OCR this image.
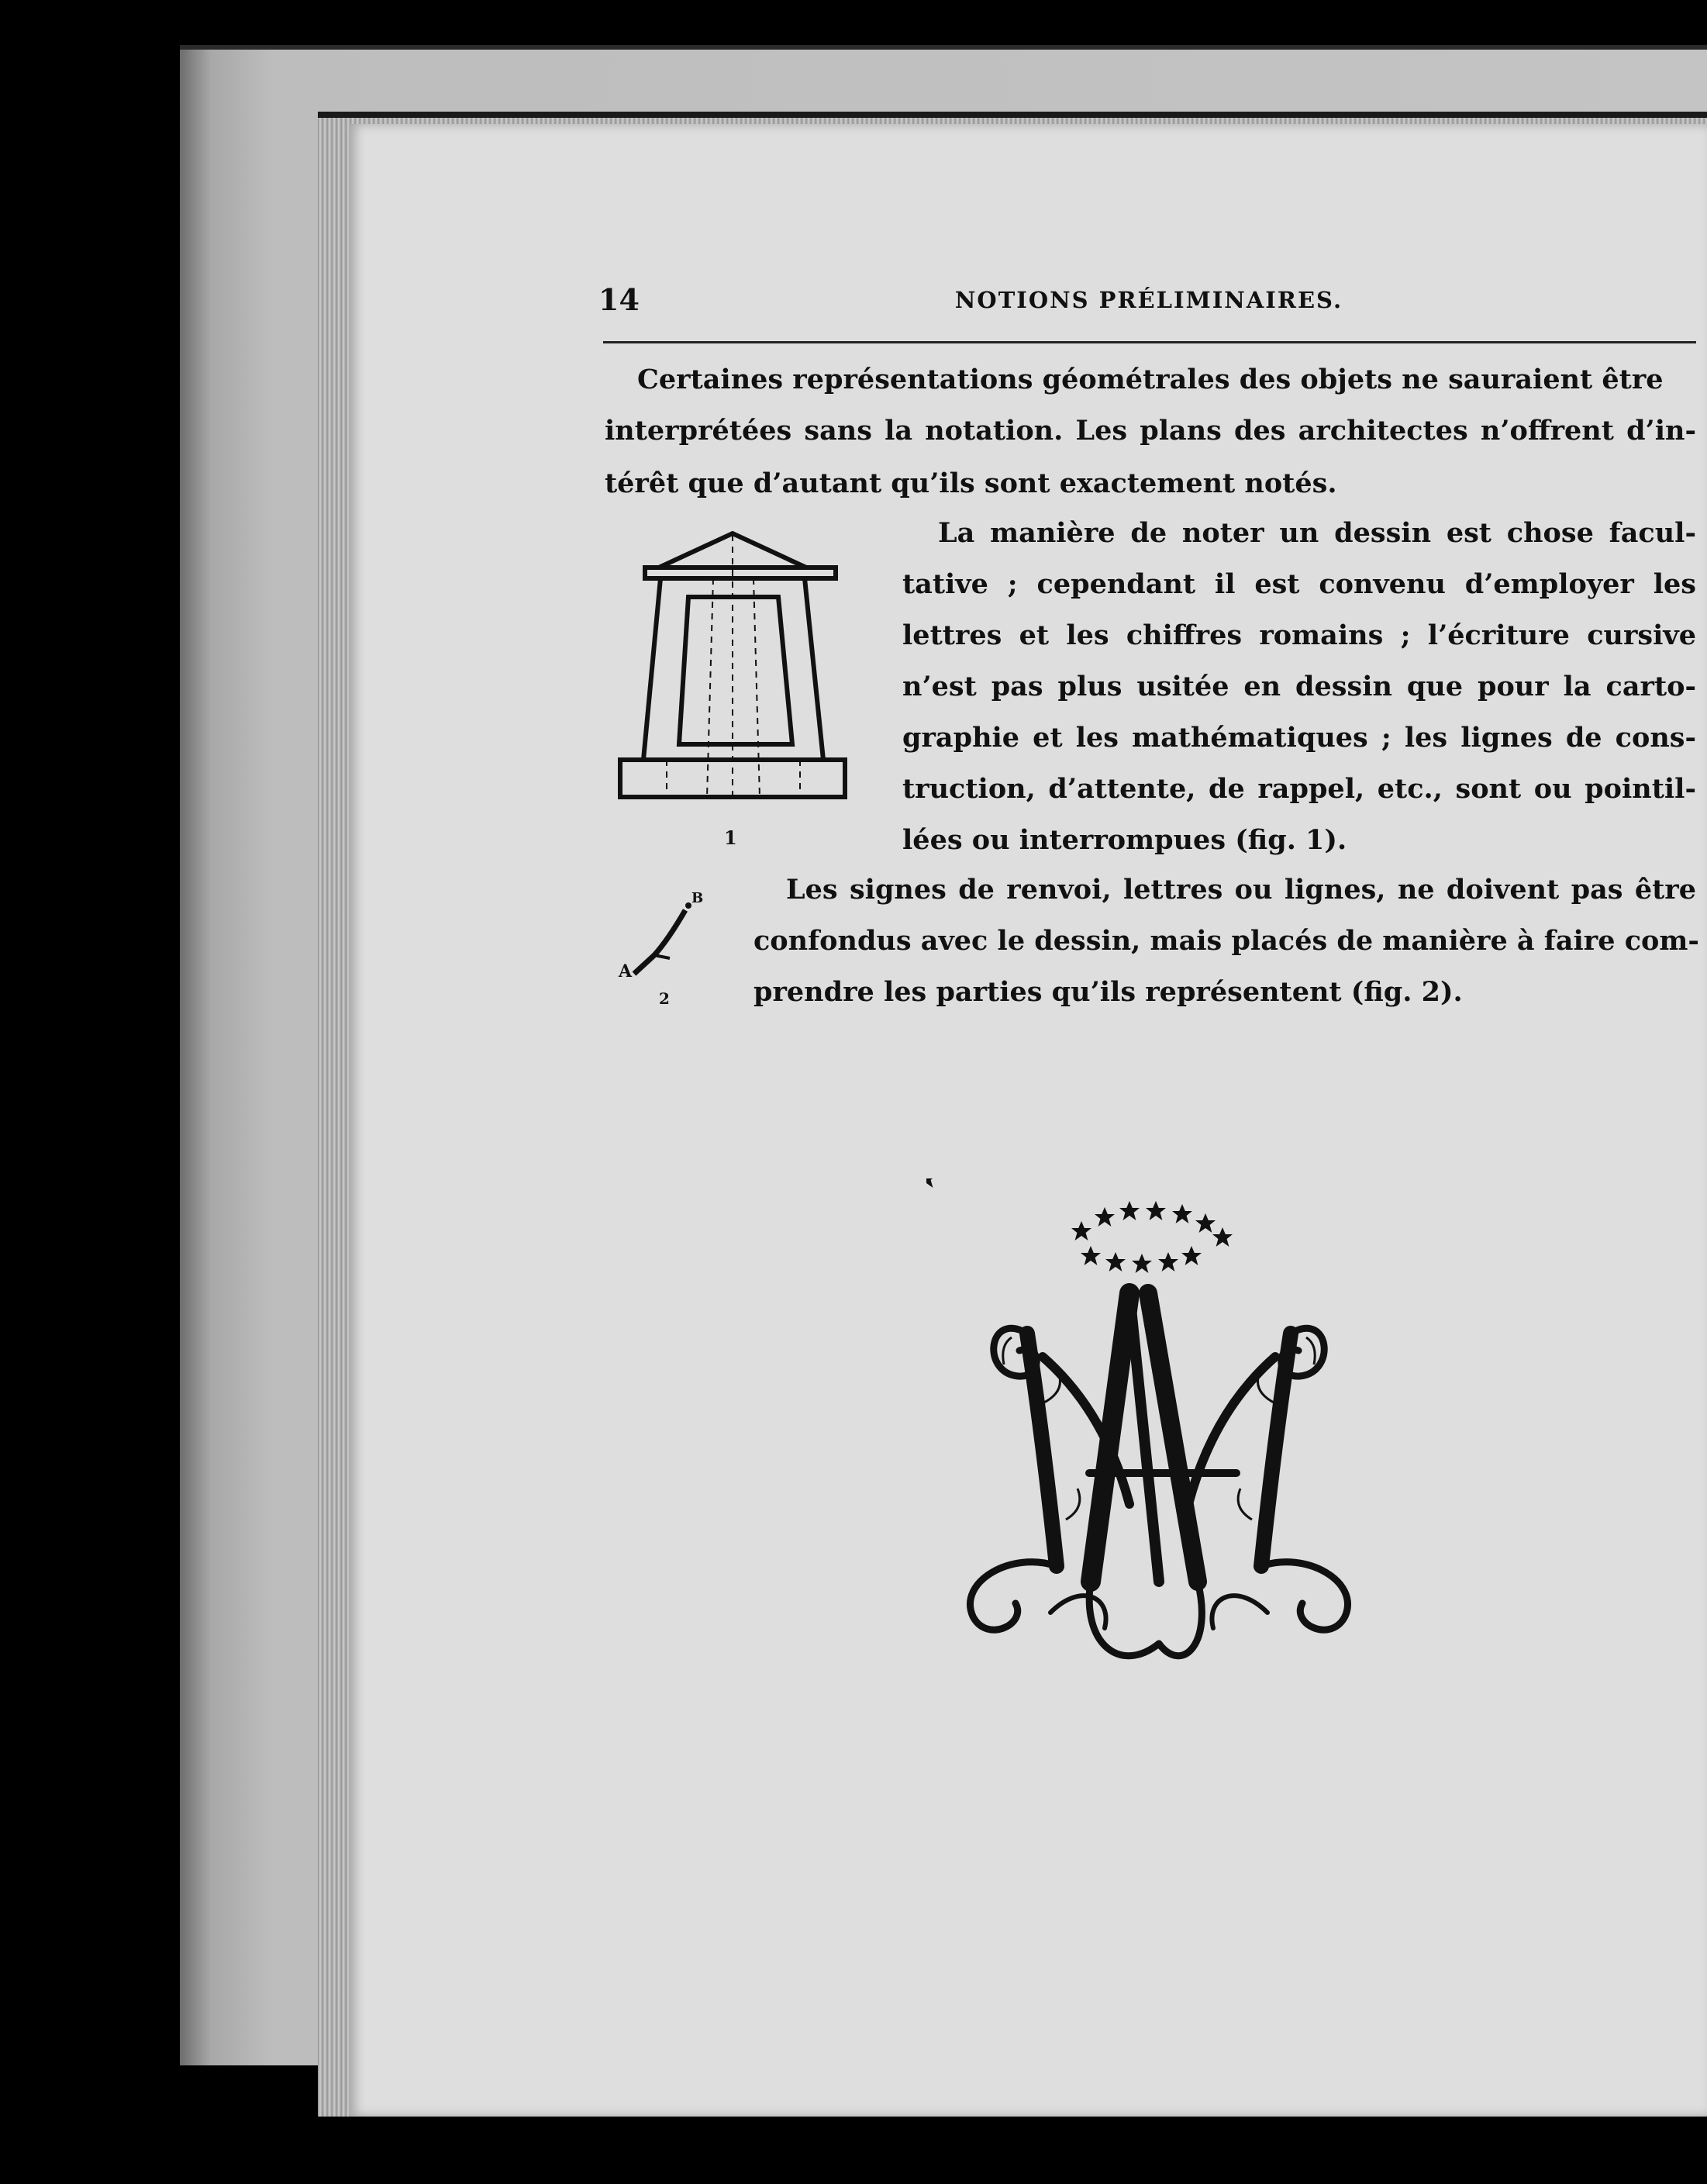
14	NOTIONS PRÉLIMINAIRES.
Certaines représentations géométrales des objets ne sauraient être
interprétées sans la notation. Les plans des architectes n’offrent d’in-
térêt que d’autant qu’ils sont exactement notés.
La manière de noter un dessin est chose facul-
tative ; cependant il est convenu d’employer les
lettres et les chiffres romains ; l’écriture cursive
n’est pas plus usitée en dessin que pour la carto-
graphie et les mathématiques ; les lignes de cons-
truction, d’attente, de rappel, etc., sont ou pointil-
lées ou interrompues (fig. 1).
Les signes de renvoi, lettres ou lignes, ne doivent pas être
confondus avec le dessin, mais placés de manière à faire com-
prendre les parties qu’ils représentent (fig. 2).
1
A
B
2
